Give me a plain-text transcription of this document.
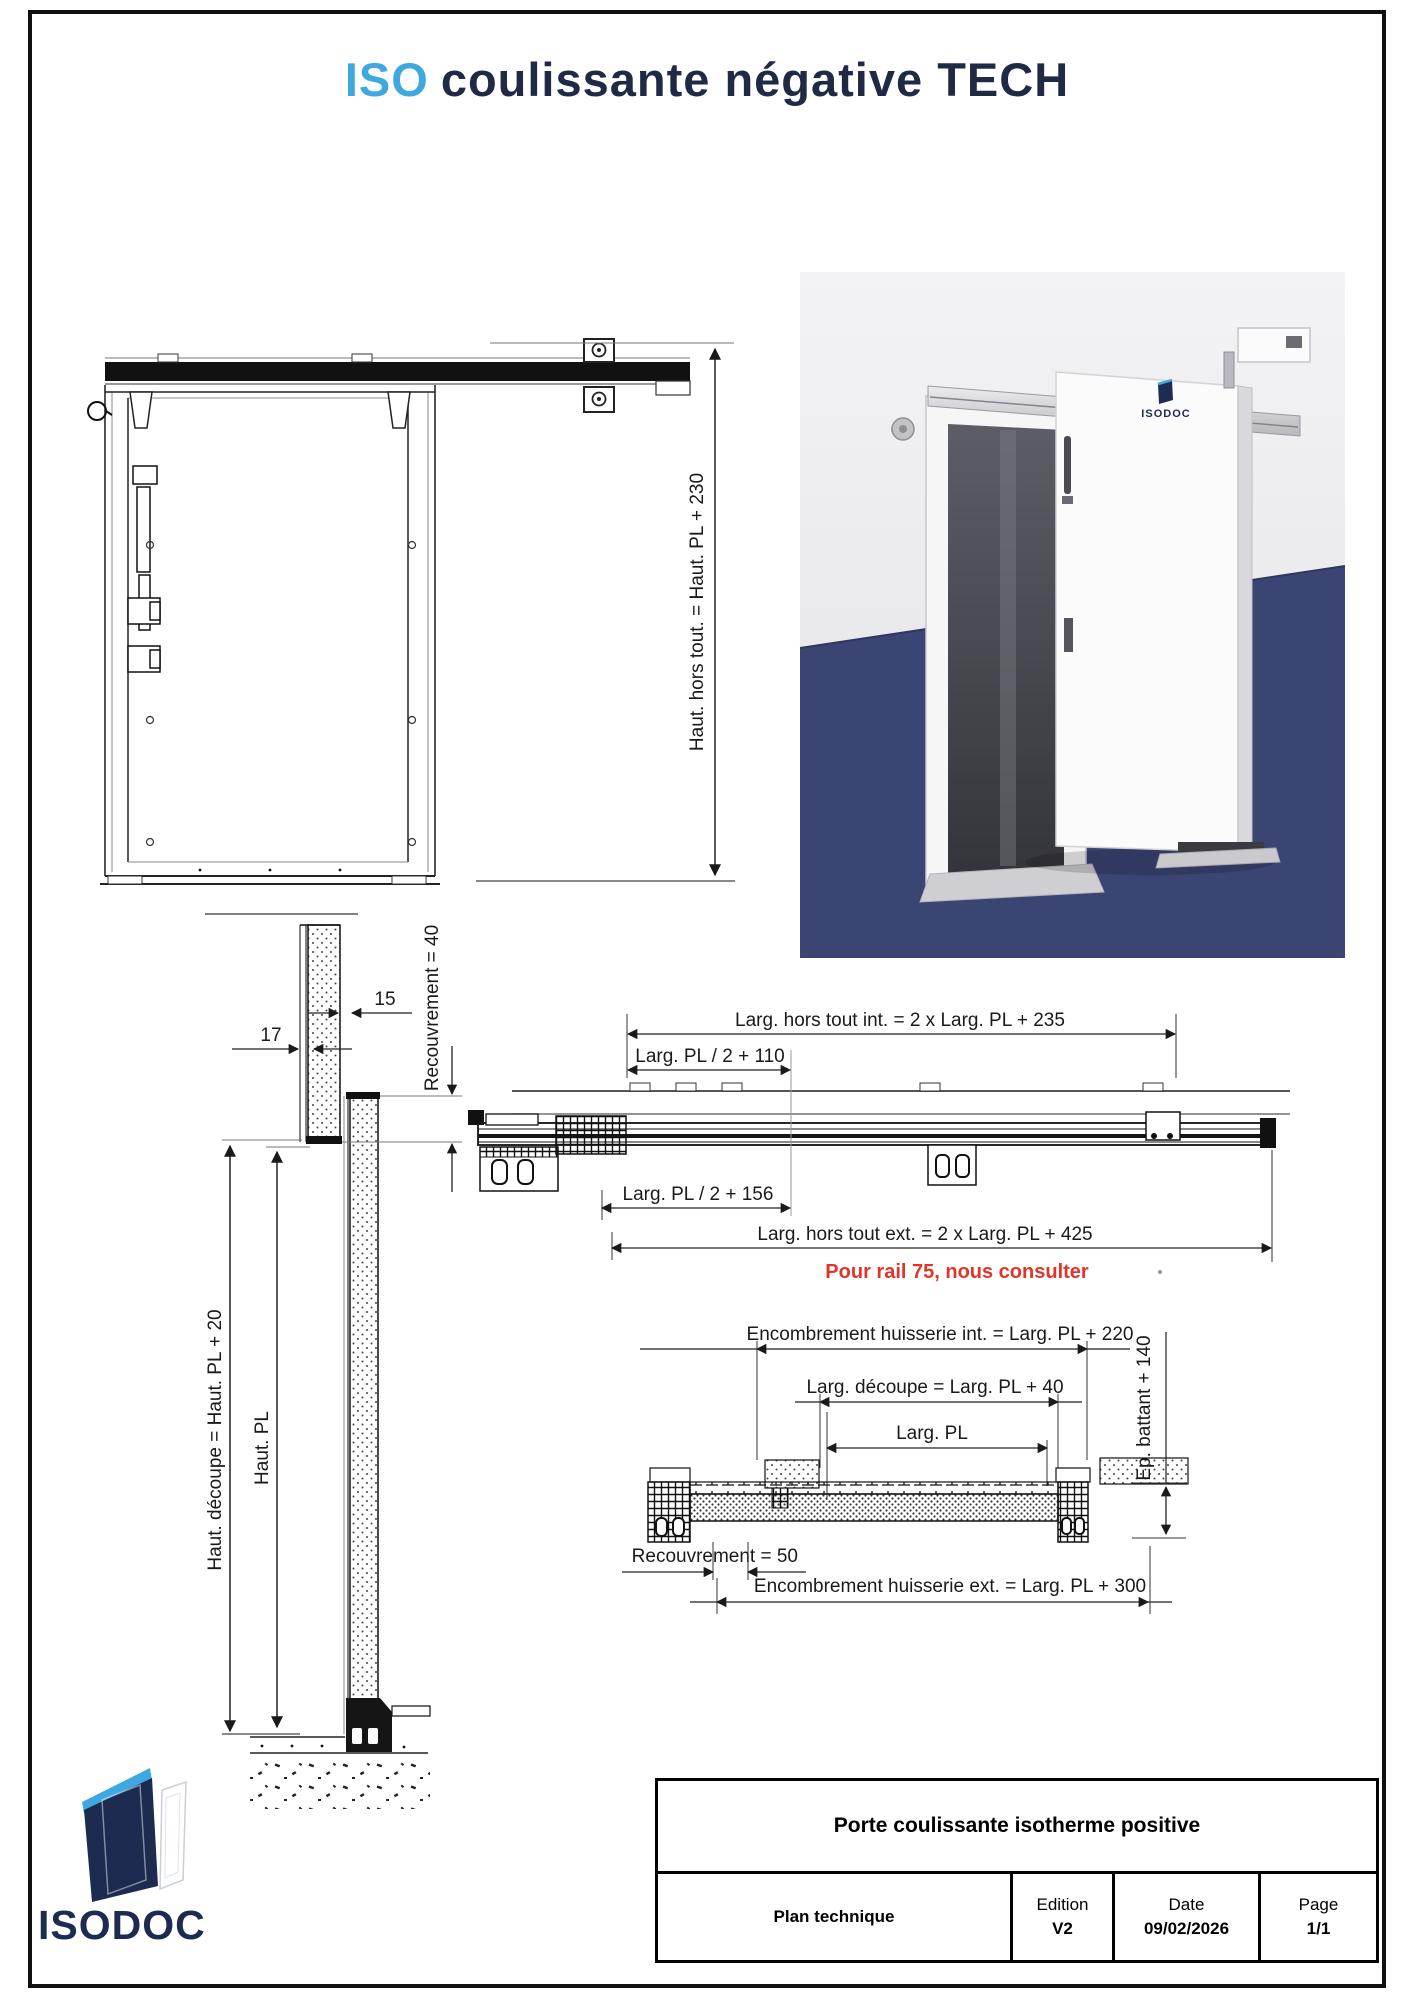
ISO coulissante négative TECH
ISODOC
Haut. hors tout. = Haut. PL + 230
15
17	Recouvrement = 40
Haut. découpe = Haut. PL + 20 Haut. PL
Larg. hors tout int. = 2 x Larg. PL + 235
Larg. PL / 2 + 110
Larg. PL / 2 + 156
Larg. hors tout ext. = 2 x Larg. PL + 425
Pour rail 75, nous consulter
Encombrement huisserie int. = Larg. PL + 220
Larg. découpe = Larg. PL + 40
Larg. PL	Ep. battant + 140
Recouvrement = 50
Encombrement huisserie ext. = Larg. PL + 300
ISODOC
Porte coulissante isotherme positive
Plan technique
Edition
V2
Date
09/02/2026
Page
1/1
